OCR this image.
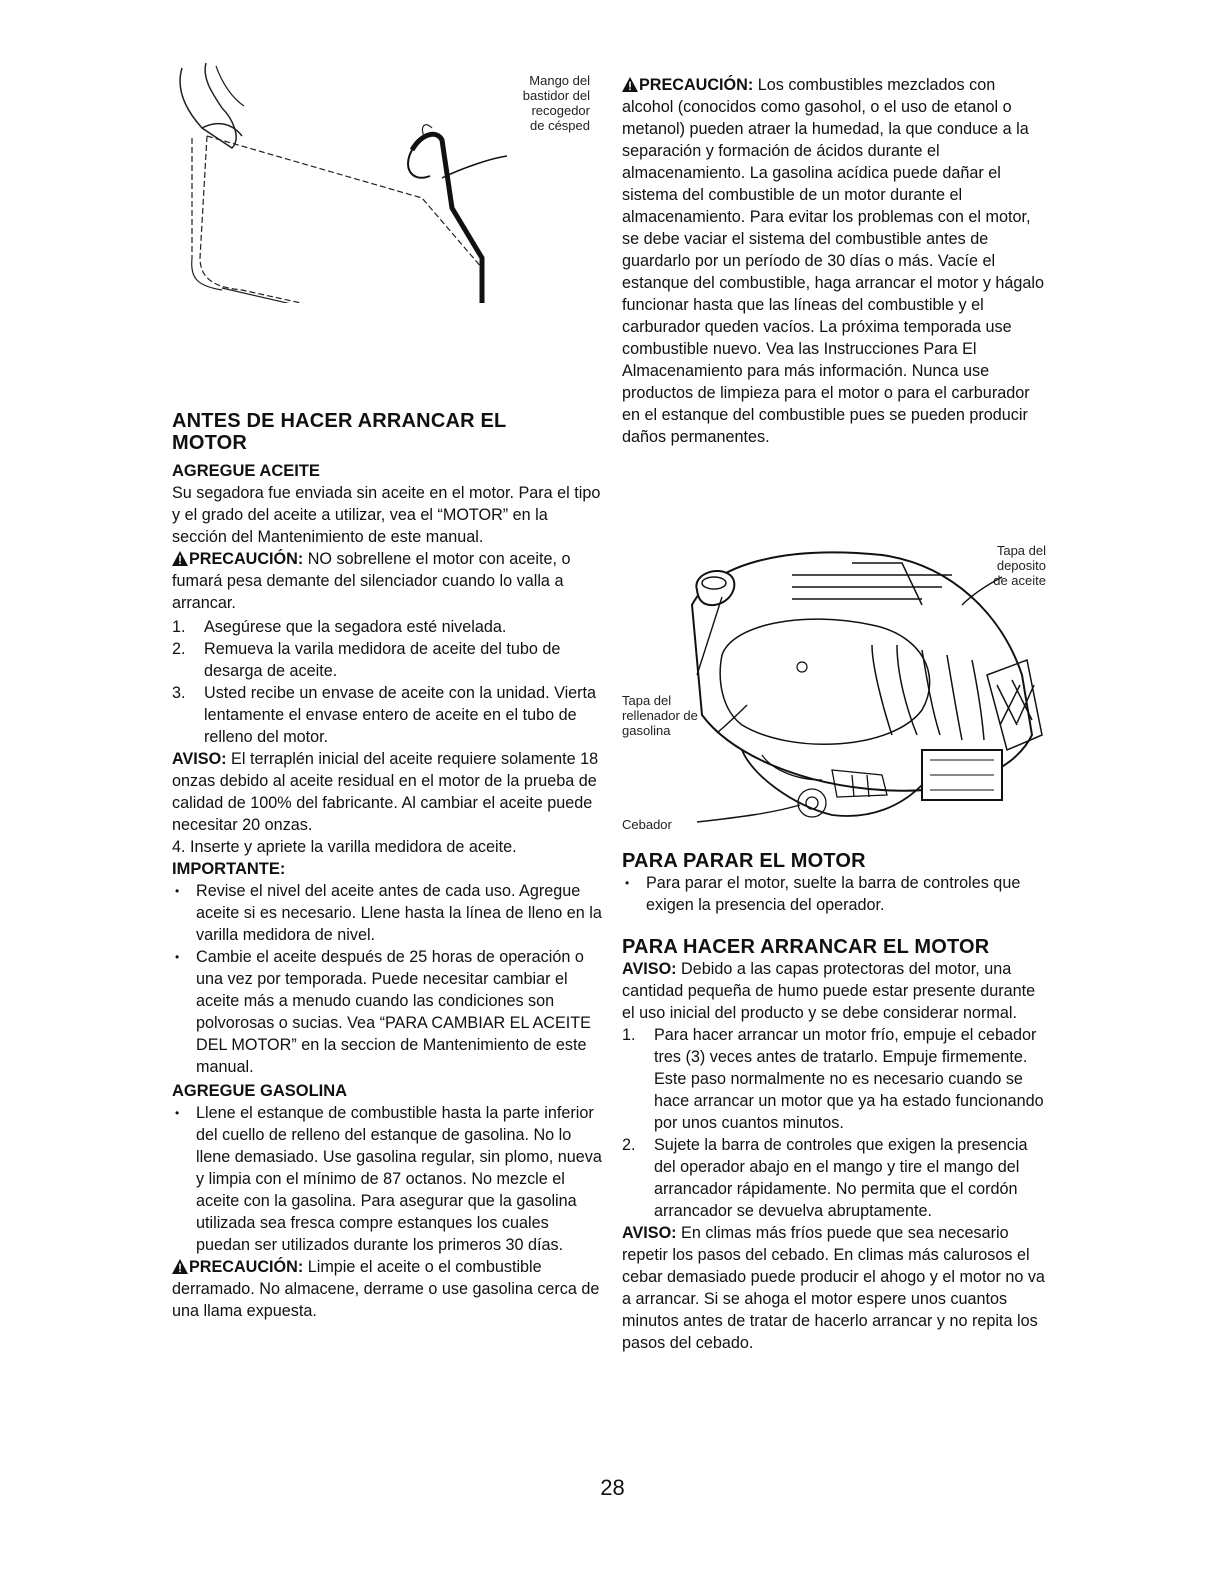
Mango del
bastidor del
recogedor
de césped
ANTES DE HACER ARRANCAR EL
MOTOR
AGREGUE ACEITE

Su segadora fue enviada sin aceite en el motor. Para el tipo y el grado del aceite a utilizar, vea el “MOTOR” en la sección del Mantenimiento de este manual.

PRECAUCIÓN: NO sobrellene el motor con aceite, o fumará pesa demante del silenciador cuando lo valla a arrancar.

1. Asegúrese que la segadora esté nivelada.
2. Remueva la varila medidora de aceite del tubo de desarga de aceite.
3. Usted recibe un envase de aceite con la unidad. Vierta lentamente el envase entero de aceite en el tubo de relleno del motor.

AVISO: El terraplén inicial del aceite requiere solamente 18 onzas debido al aceite residual en el motor de la prueba de calidad de 100% del fabricante. Al cambiar el aceite puede necesitar 20 onzas.

4. Inserte y apriete la varilla medidora de aceite.
IMPORTANTE:
• Revise el nivel del aceite antes de cada uso. Agregue aceite si es necesario. Llene hasta la línea de lleno en la varilla medidora de nivel.
• Cambie el aceite después de 25 horas de operación o una vez por temporada. Puede necesitar cambiar el aceite más a menudo cuando las condiciones son polvorosas o sucias. Vea “PARA CAMBIAR EL ACEITE DEL MOTOR” en la seccion de Mantenimiento de este manual.
AGREGUE GASOLINA
• Llene el estanque de combustible hasta la parte inferior del cuello de relleno del estanque de gasolina. No lo llene demasiado. Use gasolina regular, sin plomo, nueva y limpia con el mínimo de 87 octanos. No mezcle el aceite con la gasolina. Para asegurar que la gasolina utilizada sea fresca compre estanques los cuales puedan ser utilizados durante los primeros 30 días.

PRECAUCIÓN: Limpie el aceite o el combustible derramado. No almacene, derrame o use gasolina cerca de una llama expuesta.

PRECAUCIÓN: Los combustibles mezclados con alcohol (conocidos como gasohol, o el uso de etanol o metanol) pueden atraer la humedad, la que conduce a la separación y formación de ácidos durante el almacenamiento. La gasolina acídica puede dañar el sistema del combustible de un motor durante el almacenamiento. Para evitar los problemas con el motor, se debe vaciar el sistema del combustible antes de guardarlo por un período de 30 días o más. Vacíe el estanque del combustible, haga arrancar el motor y hágalo funcionar hasta que las líneas del combustible y el carburador queden vacíos. La próxima temporada use combustible nuevo. Vea las Instrucciones Para El Almacenamiento para más información. Nunca use productos de limpieza para el motor o para el carburador en el estanque del combustible pues se pueden producir daños permanentes.

Tapa del
deposito
de aceite
Tapa del
rellenador de
gasolina
Cebador
PARA PARAR EL MOTOR
• Para parar el motor, suelte la barra de controles que exigen la presencia del operador.
PARA HACER ARRANCAR EL MOTOR

AVISO: Debido a las capas protectoras del motor, una cantidad pequeña de humo puede estar presente durante el uso inicial del producto y se debe considerar normal.

1. Para hacer arrancar un motor frío, empuje el cebador tres (3) veces antes de tratarlo. Empuje firmemente. Este paso normalmente no es necesario cuando se hace arrancar un motor que ya ha estado funcionando por unos cuantos minutos.
2. Sujete la barra de controles que exigen la presencia del operador abajo en el mango y tire el mango del arrancador rápidamente. No permita que el cordón arrancador se devuelva abruptamente.

AVISO: En climas más fríos puede que sea necesario repetir los pasos del cebado. En climas más calurosos el cebar demasiado puede producir el ahogo y el motor no va a arrancar. Si se ahoga el motor espere unos cuantos minutos antes de tratar de hacerlo arrancar y no repita los pasos del cebado.

28
